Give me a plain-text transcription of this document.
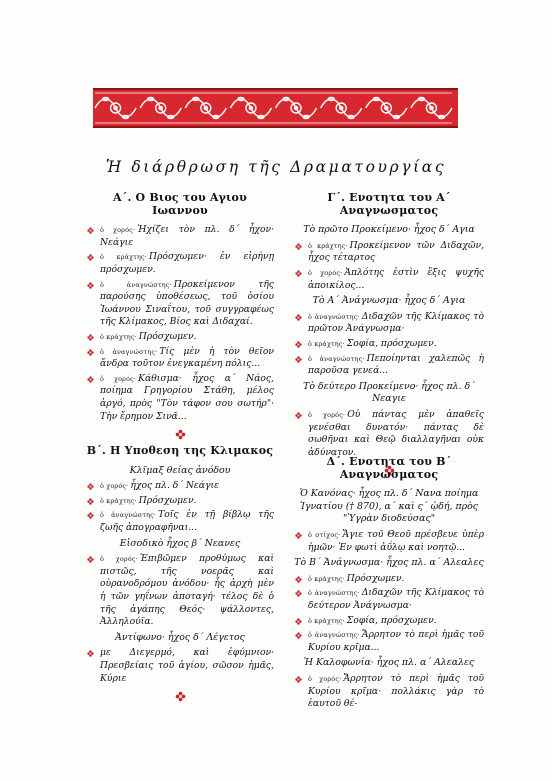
Ἡ διάρθρωση τῆς Δραματουργίας
Α΄. Ο Βιος του Αγιου Ιωαννου
ὁ χορός· Ἠχίζει τὸν πλ. δ΄ ἦχον· Νεάγιε
ὁ κράχτης· Πρόσχωμεν· ἐν εἰρήνῃ πρόσχωμεν.
ὁ ἀναγνώστης· Προκείμενον τῆς παρούσης ὑποθέσεως, τοῦ ὁσίου Ἰωάννου Σιναΐτου, τοῦ συγγραφέως τῆς Κλίμακος, Βίος καὶ Διδαχαί.
ὁ κράχτης· Πρόσχωμεν.
ὁ ἀναγνώστης· Τίς μὲν ἡ τὸν θεῖον ἄνδρα τοῦτον ἐνεγκαμένη πόλις...
ὁ χορός· Κάθισμα· ἦχος α΄ Νάος, ποίημα Γρηγορίου Στάθη, μέλος ἀργό, πρὸς "Τὸν τάφον σου σωτήρ"· Τὴν ἔρημον Σινᾶ...
Β΄. Η Υποθεση της Κλιμακος
Κλῖμαξ θείας ἀνόδου
ὁ χορός· ἦχος πλ. δ΄ Νεάγιε
ὁ κράχτης· Πρόσχωμεν.
ὁ ἀναγνώστης· Τοῖς ἐν τῇ βίβλῳ τῆς ζωῆς ἀπογραφῆναι...
Εἰσοδικὸ ἦχος β΄ Νεανες
ὁ χορός· Ἐπιβῶμεν προθύμως καὶ πιστῶς, τῆς νοερᾶς καὶ οὐρανοδρόμου ἀνόδου· ἧς ἀρχὴ μὲν ἡ τῶν γηΐνων ἀποταγή· τέλος δὲ ὁ τῆς ἀγάπης Θεός· ψάλλοντες, Ἀλληλούϊα.
Ἀντίφωνο· ἦχος δ΄ Λέγετος
με Διεγερμό, καὶ ἐφύμνιον· Πρεσβείαις τοῦ ἁγίου, σῶσον ἡμᾶς, Κύριε
Γ΄. Ενοτητα του Α΄ Αναγνωσματος
Τὸ πρῶτο Προκείμενο· ἦχος δ΄ Αγια
ὁ κράχτης· Προκείμενον τῶν Διδαχῶν, ἦχος τέταρτος
ὁ χορός· Ἁπλότης ἐστὶν ἕξις ψυχῆς ἀποικίλος...
Τὸ Α΄ Ἀνάγνωσμα· ἦχος δ΄ Αγια
ὁ ἀναγνώστης· Διδαχῶν τῆς Κλίμακος τὸ πρῶτον Ἀνάγνωσμα·
ὁ κράχτης· Σοφία, πρόσχωμεν.
ὁ ἀναγνώστης· Πεποίηνται χαλεπῶς ἡ παροῦσα γενεά...
Τὸ δεύτερο Προκείμενο· ἦχος πλ. δ΄ Νεαγιε
ὁ χορός· Οὐ πάντας μὲν ἀπαθεῖς γενέσθαι δυνατόν· πάντας δὲ σωθῆναι καὶ Θεῷ διαλλαγῆναι οὐκ ἀδύνατον.
Δ΄. Ενοτητα του Β΄ Αναγνωσματος
Ὁ Κανόνας· ἦχος πλ. δ΄ Νανα ποίημα Ἰγνατίου († 870), α΄ καὶ ς΄ ᾠδή, πρὸς "Ὑγρὰν διοδεύσας"
ὁ στίχος· Ἄγιε τοῦ Θεοῦ πρέσβευε ὑπὲρ ἡμῶν· Ἐν φωτὶ ἀΰλῳ καὶ νοητῷ...
Τὸ Β΄ Ἀνάγνωσμα· ἦχος πλ. α΄ Αλεαλες
ὁ κράχτης· Πρόσχωμεν.
ὁ ἀναγνώστης· Διδαχῶν τῆς Κλίμακος τὸ δεύτερον Ἀνάγνωσμα·
ὁ κράχτης· Σοφία, πρόσχωμεν.
ὁ ἀναγνώστης· Ἄρρητον τὸ περὶ ἡμᾶς τοῦ Κυρίου κρῖμα...
Ἡ Καλοφωνία· ἦχος πλ. α΄ Αλεαλες
ὁ χορός· Ἄρρητον τὸ περὶ ἡμᾶς τοῦ Κυρίου κρῖμα· πολλάκις γὰρ τὸ ἑαυτοῦ θέ-
